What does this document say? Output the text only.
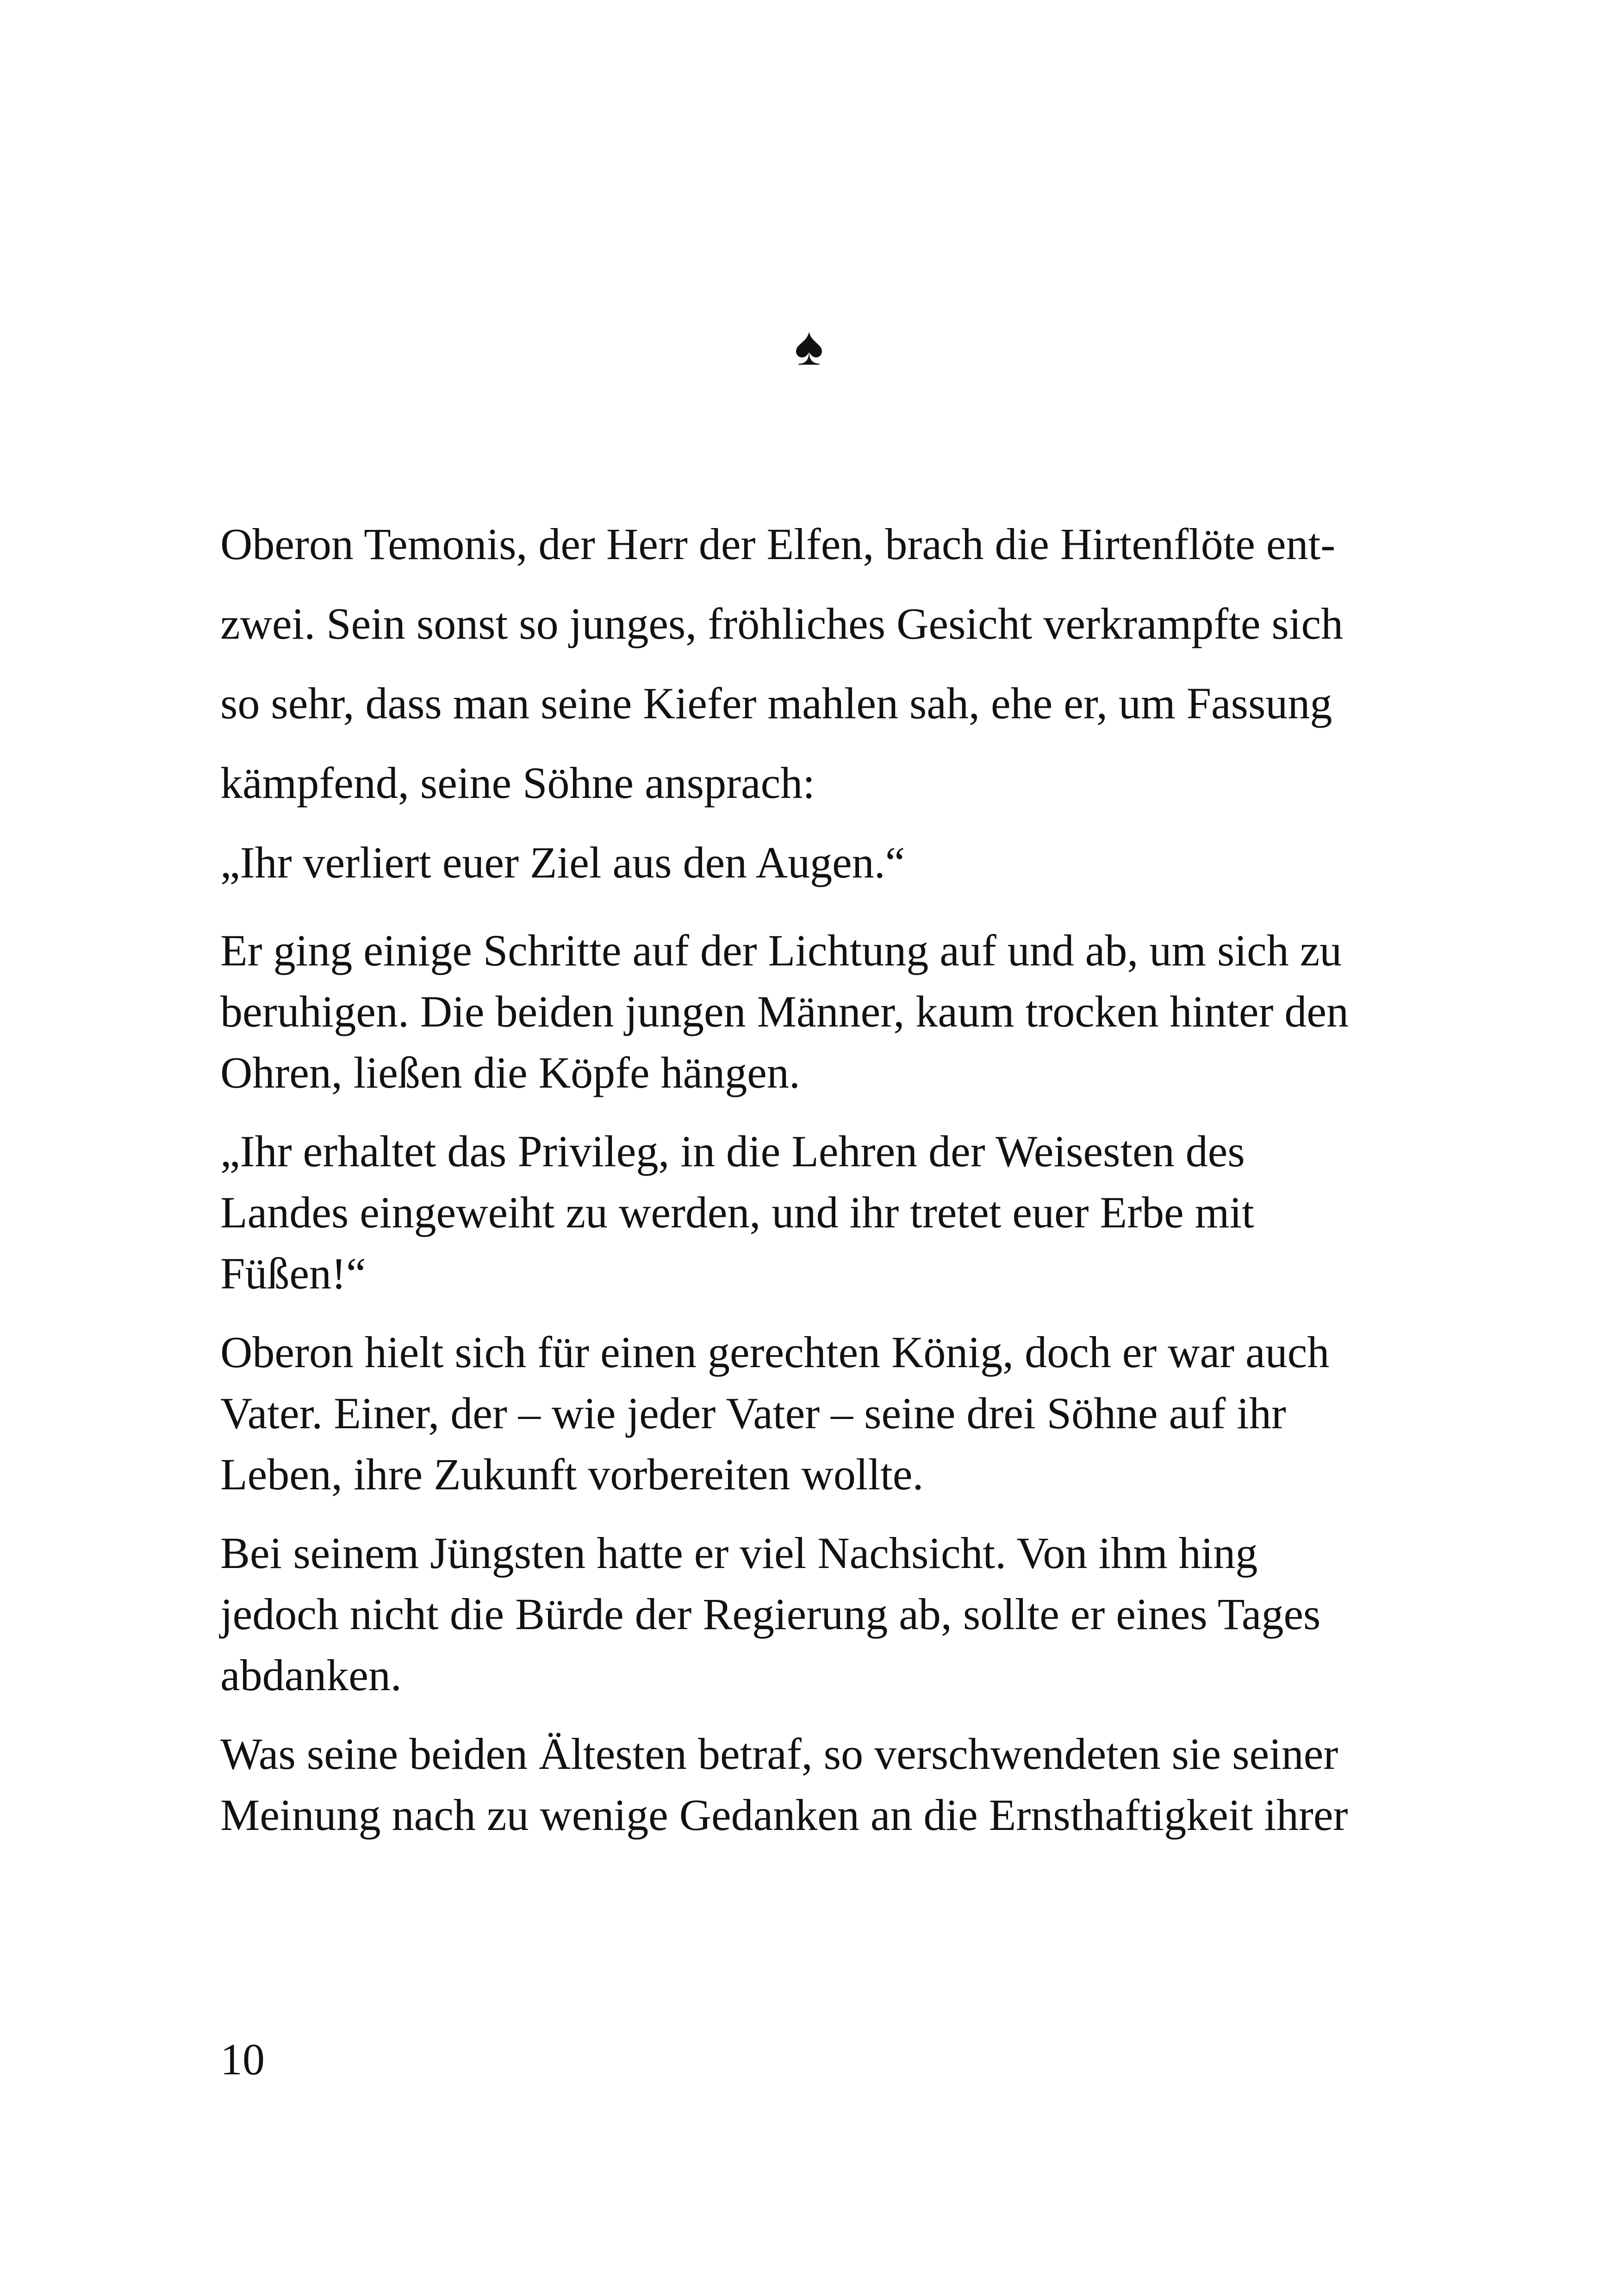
♠
Oberon Temonis, der Herr der Elfen, brach die Hirtenflöte ent-
zwei. Sein sonst so junges, fröhliches Gesicht verkrampfte sich
so sehr, dass man seine Kiefer mahlen sah, ehe er, um Fassung
kämpfend, seine Söhne ansprach:
„Ihr verliert euer Ziel aus den Augen.“
Er ging einige Schritte auf der Lichtung auf und ab, um sich zu
beruhigen. Die beiden jungen Männer, kaum trocken hinter den
Ohren, ließen die Köpfe hängen.
„Ihr erhaltet das Privileg, in die Lehren der Weisesten des
Landes eingeweiht zu werden, und ihr tretet euer Erbe mit
Füßen!“
Oberon hielt sich für einen gerechten König, doch er war auch
Vater. Einer, der – wie jeder Vater – seine drei Söhne auf ihr
Leben, ihre Zukunft vorbereiten wollte.
Bei seinem Jüngsten hatte er viel Nachsicht. Von ihm hing
jedoch nicht die Bürde der Regierung ab, sollte er eines Tages
abdanken.
Was seine beiden Ältesten betraf, so verschwendeten sie seiner
Meinung nach zu wenige Gedanken an die Ernsthaftigkeit ihrer
10
